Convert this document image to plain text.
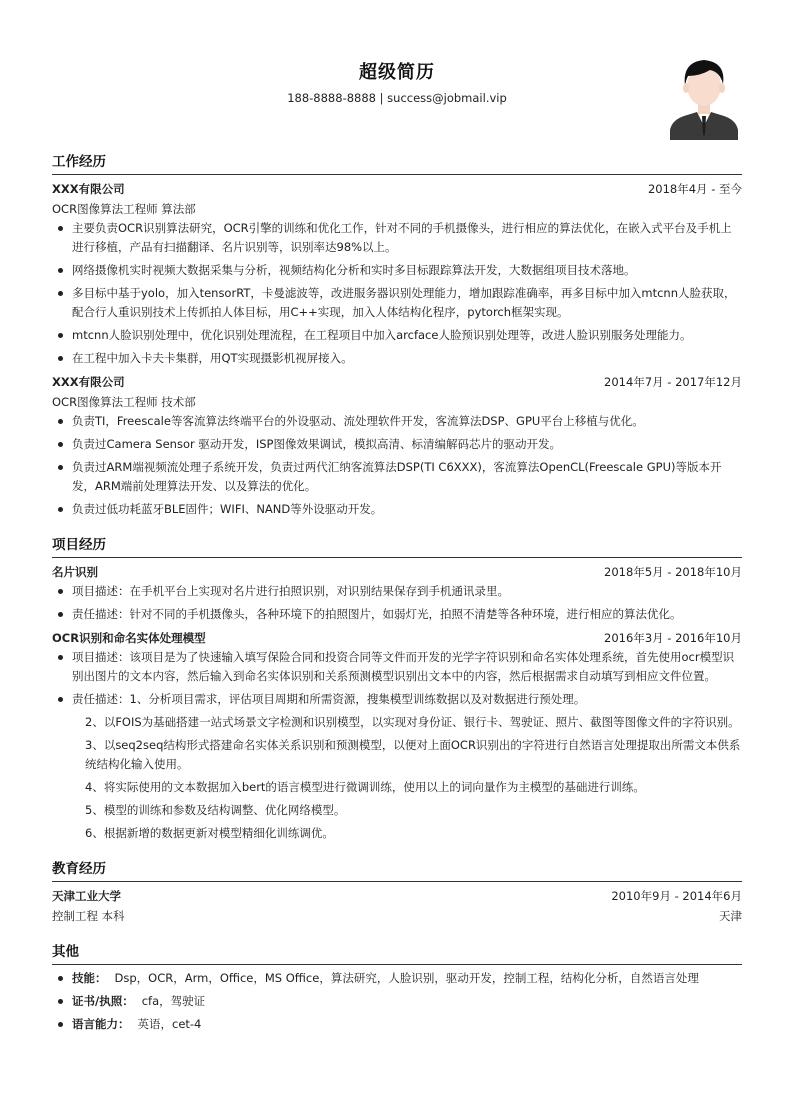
超级简历
188-8888-8888 | success@jobmail.vip
工作经历
XXX有限公司	2018年4月 - 至今
OCR图像算法工程师 算法部
主要负责OCR识别算法研究，OCR引擎的训练和优化工作，针对不同的手机摄像头，进行相应的算法优化，在嵌入式平台及手机上进行移植，产品有扫描翻译、名片识别等，识别率达98%以上。
网络摄像机实时视频大数据采集与分析，视频结构化分析和实时多目标跟踪算法开发，大数据组项目技术落地。
多目标中基于yolo，加入tensorRT，卡曼滤波等，改进服务器识别处理能力，增加跟踪准确率，再多目标中加入mtcnn人脸获取，配合行人重识别技术上传抓拍人体目标，用C++实现，加入人体结构化程序，pytorch框架实现。
mtcnn人脸识别处理中，优化识别处理流程，在工程项目中加入arcface人脸预识别处理等，改进人脸识别服务处理能力。
在工程中加入卡夫卡集群，用QT实现摄影机视屏接入。
XXX有限公司	2014年7月 - 2017年12月
OCR图像算法工程师 技术部
负责TI，Freescale等客流算法终端平台的外设驱动、流处理软件开发，客流算法DSP、GPU平台上移植与优化。
负责过Camera Sensor 驱动开发，ISP图像效果调试，模拟高清、标清编解码芯片的驱动开发。
负责过ARM端视频流处理子系统开发，负责过两代汇纳客流算法DSP(TI C6XXX)，客流算法OpenCL(Freescale GPU)等版本开发，ARM端前处理算法开发、以及算法的优化。
负责过低功耗蓝牙BLE固件；WIFI、NAND等外设驱动开发。
项目经历
名片识别	2018年5月 - 2018年10月
项目描述：在手机平台上实现对名片进行拍照识别，对识别结果保存到手机通讯录里。
责任描述：针对不同的手机摄像头，各种环境下的拍照图片，如弱灯光，拍照不清楚等各种环境，进行相应的算法优化。
OCR识别和命名实体处理模型	2016年3月 - 2016年10月
项目描述：该项目是为了快速输入填写保险合同和投资合同等文件而开发的光学字符识别和命名实体处理系统，首先使用ocr模型识别出图片的文本内容，然后输入到命名实体识别和关系预测模型识别出文本中的内容，然后根据需求自动填写到相应文件位置。
责任描述：1、分析项目需求，评估项目周期和所需资源，搜集模型训练数据以及对数据进行预处理。
2、以FOIS为基础搭建一站式场景文字检测和识别模型，以实现对身份证、银行卡、驾驶证、照片、截图等图像文件的字符识别。
3、以seq2seq结构形式搭建命名实体关系识别和预测模型，以便对上面OCR识别出的字符进行自然语言处理提取出所需文本供系统结构化输入使用。
4、将实际使用的文本数据加入bert的语言模型进行微调训练，使用以上的词向量作为主模型的基础进行训练。
5、模型的训练和参数及结构调整、优化网络模型。
6、根据新增的数据更新对模型精细化训练调优。
教育经历
天津工业大学	2010年9月 - 2014年6月
控制工程 本科	天津
其他
技能： Dsp，OCR，Arm，Office，MS Office，算法研究，人脸识别，驱动开发，控制工程，结构化分析，自然语言处理
证书/执照： cfa，驾驶证
语言能力： 英语，cet-4
